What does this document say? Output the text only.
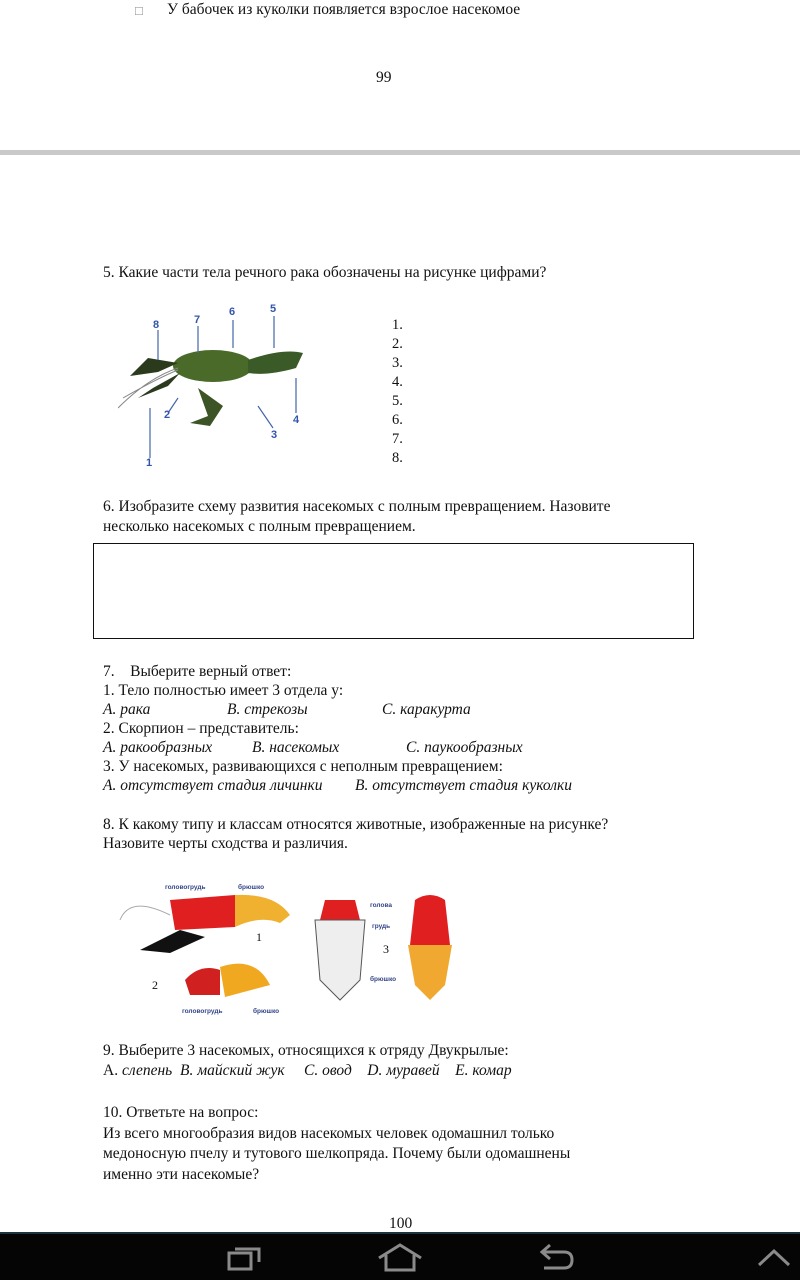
□ У бабочек из куколки появляется взрослое насекомое
99
5. Какие части тела речного рака обозначены на рисунке цифрами?
8	7
6	5
4
3
2
1
1.
2.
3.
4.
5.
6.
7.
8.
6. Изобразите схему развития насекомых с полным превращением. Назовите
несколько насекомых с полным превращением.
7. Выберите верный ответ:
1. Тело полностью имеет 3 отдела у:
А. рака	В. стрекозы	С. каракурта
2. Скорпион – представитель:
А. ракообразных	В. насекомых	С. паукообразных
3. У насекомых, развивающихся с неполным превращением:
А. отсутствует стадия личинки В. отсутствует стадия куколки
8. К какому типу и классам относятся животные, изображенные на рисунке?
Назовите черты сходства и различия.
головогрудь	брюшко
голова
грудь
брюшко
головогрудь	брюшко
1
2
3
9. Выберите 3 насекомых, относящихся к отряду Двукрылые:
А. слепень В. майский жук С. овод D. муравей Е. комар
10. Ответьте на вопрос:
Из всего многообразия видов насекомых человек одомашнил только
медоносную пчелу и тутового шелкопряда. Почему были одомашнены
именно эти насекомые?
100
